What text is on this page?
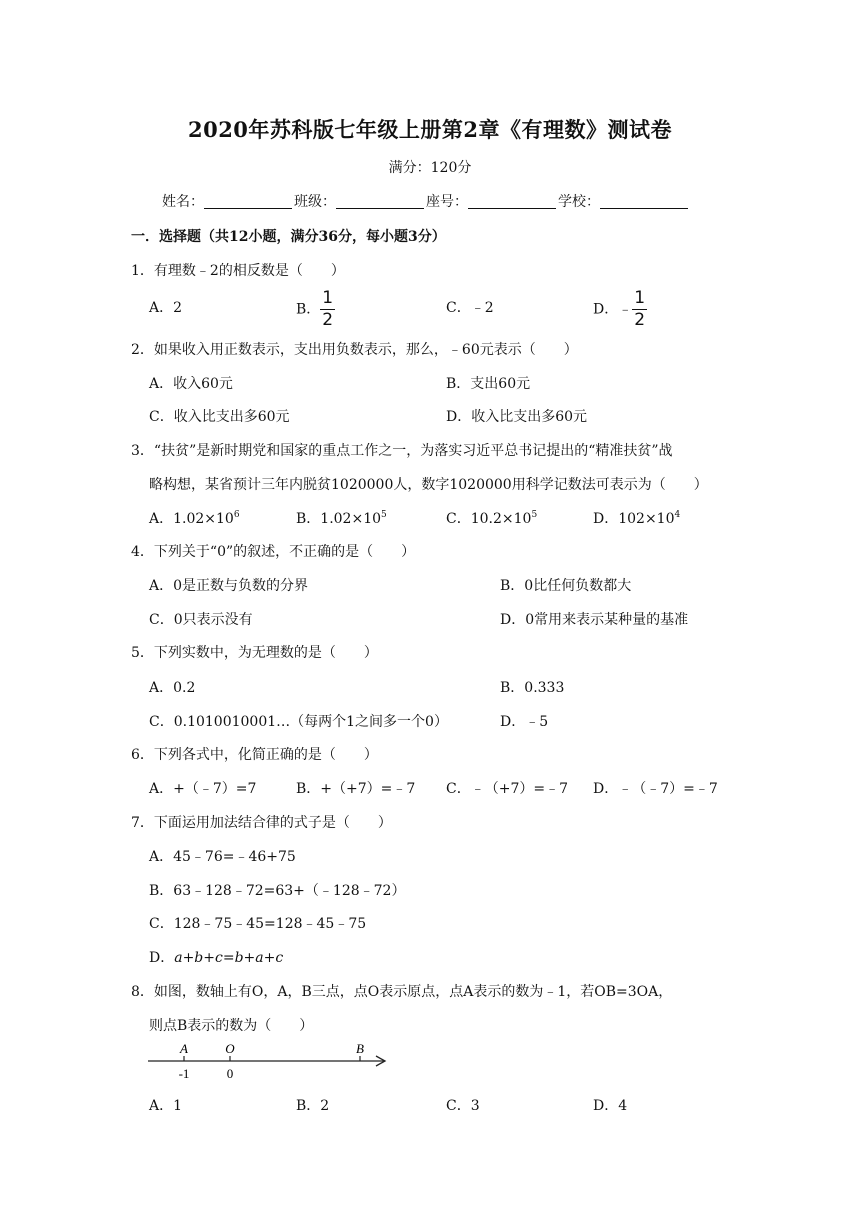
2020年苏科版七年级上册第2章《有理数》测试卷
满分：120分
姓名：	班级：	座号：	学校：
一．选择题（共12小题，满分36分，每小题3分）
1．有理数﹣2的相反数是（　　）
A．2	B． $\frac{1}{2}$	C．﹣2	D．﹣ $\frac{1}{2}$
2．如果收入用正数表示，支出用负数表示，那么，﹣60元表示（　　）
A．收入60元	B．支出60元
C．收入比支出多60元	D．收入比支出多60元
3．“扶贫”是新时期党和国家的重点工作之一，为落实习近平总书记提出的“精准扶贫”战
略构想，某省预计三年内脱贫1020000人，数字1020000用科学记数法可表示为（　　）
A．$1.02\times 10^6$	B．$1.02\times 10^5$	C．$10.2\times 10^5$	D．$102\times 10^4$
4．下列关于“0”的叙述，不正确的是（　　）
A．0是正数与负数的分界	B．0比任何负数都大
C．0只表示没有	D．0常用来表示某种量的基准
5．下列实数中，为无理数的是（　　）
A．0.2	B．0.333
C．0.1010010001…（每两个1之间多一个0）	D．﹣5
6．下列各式中，化简正确的是（　　）
A．+（﹣7）=7	B．+（+7）=﹣7 C．﹣（+7）=﹣7 D．﹣（﹣7）=﹣7
7．下面运用加法结合律的式子是（　　）
A．45﹣76=﹣46+75
B．63﹣128﹣72=63+（﹣128﹣72）
C．128﹣75﹣45=128﹣45﹣75
D．a+b+c=b+a+c
8．如图，数轴上有O，A，B三点，点O表示原点，点A表示的数为﹣1，若OB=3OA，
则点B表示的数为（　　）
A	O	B
-1	0
A．1	B．2	C．3	D．4
